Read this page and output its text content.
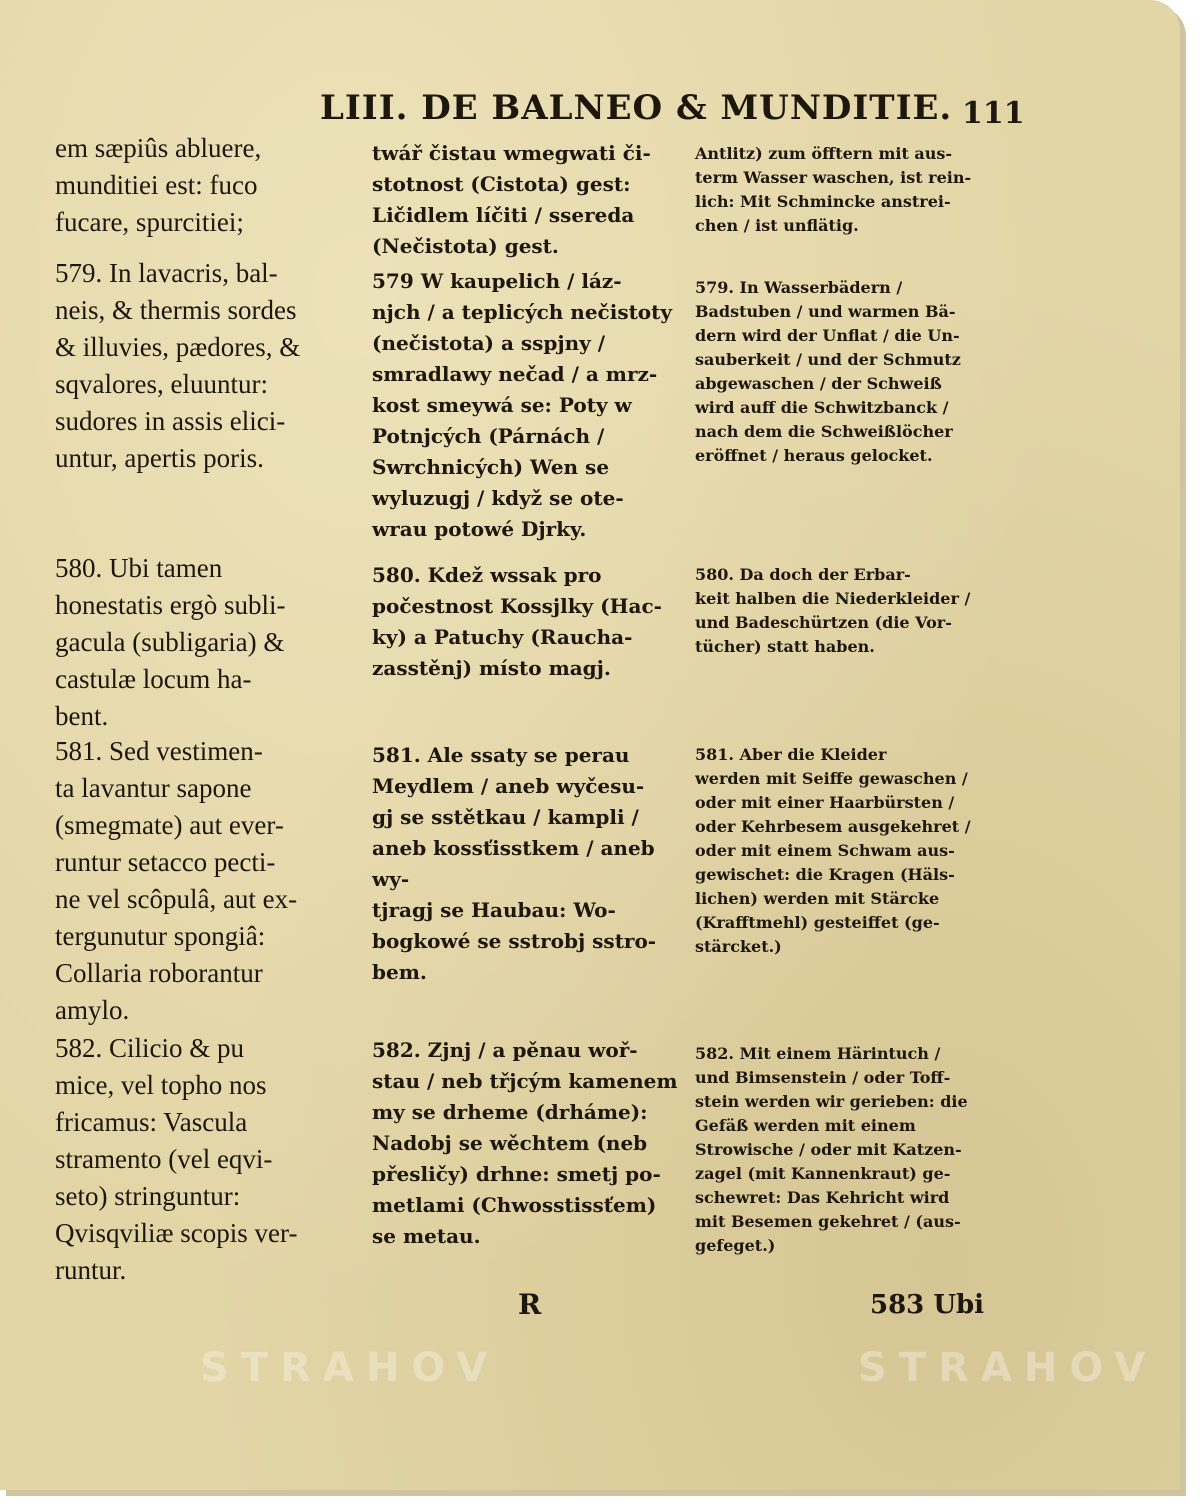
LIII. DE BALNEO & MUNDITIE. 111
em sæpiûs abluere,
munditiei est: fuco
fucare, spurcitiei;
579. In lavacris, bal-
neis, & thermis sordes
& illuvies, pædores, &
sqvalores, eluuntur:
sudores in assis elici-
untur, apertis poris.
580. Ubi tamen
honestatis ergò subli-
gacula (subligaria) &
castulæ locum ha-
bent.
581. Sed vestimen-
ta lavantur sapone
(smegmate) aut ever-
runtur setacco pecti-
ne vel scôpulâ, aut ex-
tergunutur spongiâ:
Collaria roborantur
amylo.
582. Cilicio & pu
mice, vel topho nos
fricamus: Vascula
stramento (vel eqvi-
seto) stringuntur:
Qvisqviliæ scopis ver-
runtur.
twář čistau wmegwati či-
stotnost (Cistota) gest:
Ličidlem líčiti / ssereda
(Nečistota) gest.
579 W kaupelich / láz-
njch / a teplicých nečistoty
(nečistota) a sspjny /
smradlawy nečad / a mrz-
kost smeywá se: Poty w
Potnjcých (Párnách /
Swrchnicých) Wen se
wyluzugj / když se ote-
wrau potowé Djrky.
580. Kdež wssak pro
počestnost Kossjlky (Hac-
ky) a Patuchy (Raucha-
zasstěnj) místo magj.
581. Ale ssaty se perau
Meydlem / aneb wyčesu-
gj se sstětkau / kampli /
aneb kossťisstkem / aneb wy-
tjragj se Haubau: Wo-
bogkowé se sstrobj sstro-
bem.
582. Zjnj / a pěnau woř-
stau / neb třjcým kamenem
my se drheme (drháme):
Nadobj se wěchtem (neb
přesličy) drhne: smetj po-
metlami (Chwosstissťem)
se metau.
Antlitz) zum öfftern mit aus-
term Wasser waschen, ist rein-
lich: Mit Schmincke anstrei-
chen / ist unflätig.
579. In Wasserbädern /
Badstuben / und warmen Bä-
dern wird der Unflat / die Un-
sauberkeit / und der Schmutz
abgewaschen / der Schweiß
wird auff die Schwitzbanck /
nach dem die Schweißlöcher
eröffnet / heraus gelocket.
580. Da doch der Erbar-
keit halben die Niederkleider /
und Badeschürtzen (die Vor-
tücher) statt haben.
581. Aber die Kleider
werden mit Seiffe gewaschen /
oder mit einer Haarbürsten /
oder Kehrbesem ausgekehret /
oder mit einem Schwam aus-
gewischet: die Kragen (Häls-
lichen) werden mit Stärcke
(Krafftmehl) gesteiffet (ge-
stärcket.)
582. Mit einem Härintuch /
und Bimsenstein / oder Toff-
stein werden wir gerieben: die
Gefäß werden mit einem
Strowische / oder mit Katzen-
zagel (mit Kannenkraut) ge-
schewret: Das Kehricht wird
mit Besemen gekehret / (aus-
gefeget.)
R	583 Ubi
STRAHOV	STRAHOV
